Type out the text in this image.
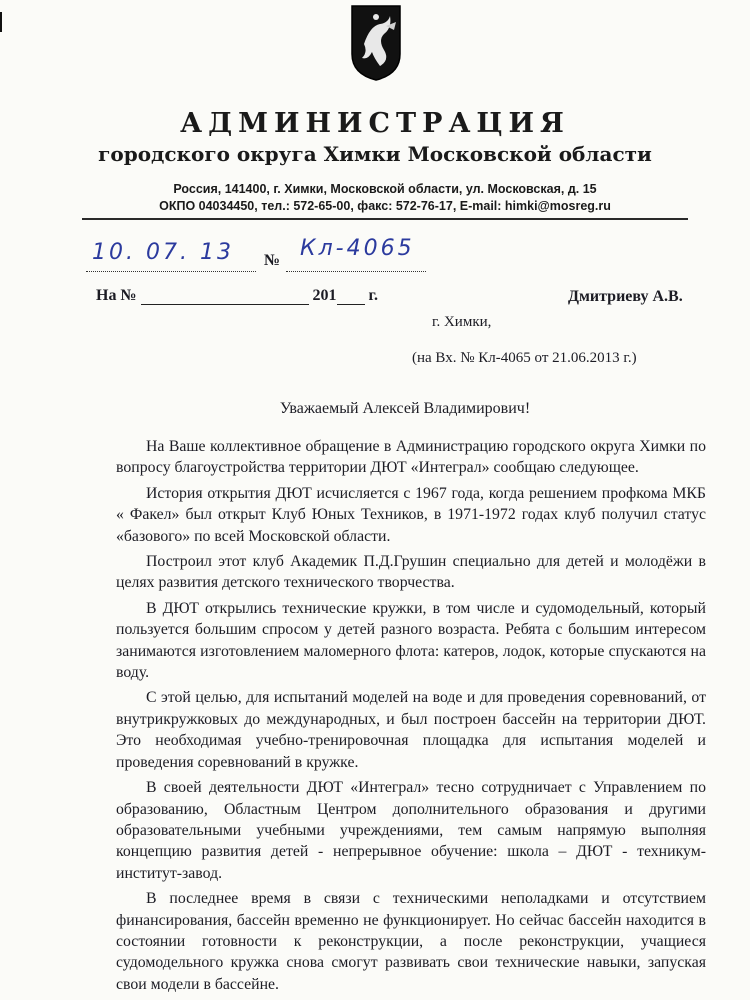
АДМИНИСТРАЦИЯ
городского округа Химки Московской области
Россия, 141400, г. Химки, Московской области, ул. Московская, д. 15
ОКПО 04034450, тел.: 572-65-00, факс: 572-76-17, E-mail: himki@mosreg.ru
10. 07. 13 № Кл-4065
На №	201 г.	Дмитриеву А.В.
г. Химки,
(на Вх. № Кл-4065 от 21.06.2013 г.)
Уважаемый Алексей Владимирович!

На Ваше коллективное обращение в Администрацию городского округа Химки по вопросу благоустройства территории ДЮТ «Интеграл» сообщаю следующее.

История открытия ДЮТ исчисляется с 1967 года, когда решением профкома МКБ « Факел» был открыт Клуб Юных Техников, в 1971-1972 годах клуб получил статус «базового» по всей Московской области.

Построил этот клуб Академик П.Д.Грушин специально для детей и молодёжи в целях развития детского технического творчества.

В ДЮТ открылись технические кружки, в том числе и судомодельный, который пользуется большим спросом у детей разного возраста. Ребята с большим интересом занимаются изготовлением маломерного флота: катеров, лодок, которые спускаются на воду.

С этой целью, для испытаний моделей на воде и для проведения соревнований, от внутрикружковых до международных, и был построен бассейн на территории ДЮТ. Это необходимая учебно-тренировочная площадка для испытания моделей и проведения соревнований в кружке.

В своей деятельности ДЮТ «Интеграл» тесно сотрудничает с Управлением по образованию, Областным Центром дополнительного образования и другими образовательными учебными учреждениями, тем самым напрямую выполняя концепцию развития детей - непрерывное обучение: школа – ДЮТ - техникум-институт-завод.

В последнее время в связи с техническими неполадками и отсутствием финансирования, бассейн временно не функционирует. Но сейчас бассейн находится в состоянии готовности к реконструкции, а после реконструкции, учащиеся судомодельного кружка снова смогут развивать свои технические навыки, запуская свои модели в бассейне.
